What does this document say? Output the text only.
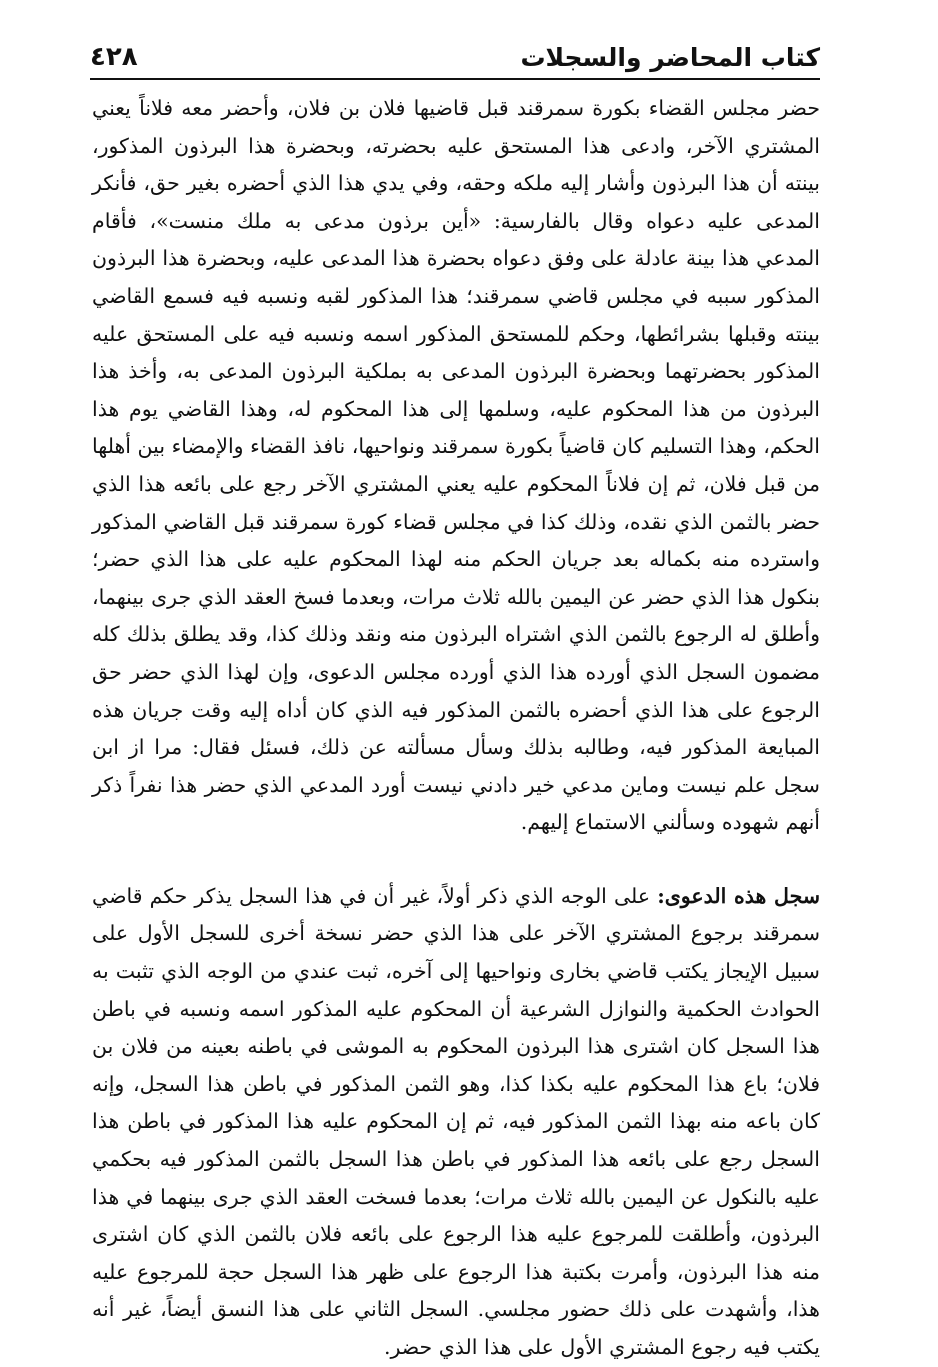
كتاب المحاضر والسجلات
٤٢٨

حضر مجلس القضاء بكورة سمرقند قبل قاضيها فلان بن فلان، وأحضر معه فلاناً يعني المشتري الآخر، وادعى هذا المستحق عليه بحضرته، وبحضرة هذا البرذون المذكور، بينته أن هذا البرذون وأشار إليه ملكه وحقه، وفي يدي هذا الذي أحضره بغير حق، فأنكر المدعى عليه دعواه وقال بالفارسية: «أين برذون مدعى به ملك منست»، فأقام المدعي هذا بينة عادلة على وفق دعواه بحضرة هذا المدعى عليه، وبحضرة هذا البرذون المذكور سببه في مجلس قاضي سمرقند؛ هذا المذكور لقبه ونسبه فيه فسمع القاضي بينته وقبلها بشرائطها، وحكم للمستحق المذكور اسمه ونسبه فيه على المستحق عليه المذكور بحضرتهما وبحضرة البرذون المدعى به بملكية البرذون المدعى به، وأخذ هذا البرذون من هذا المحكوم عليه، وسلمها إلى هذا المحكوم له، وهذا القاضي يوم هذا الحكم، وهذا التسليم كان قاضياً بكورة سمرقند ونواحيها، نافذ القضاء والإمضاء بين أهلها من قبل فلان، ثم إن فلاناً المحكوم عليه يعني المشتري الآخر رجع على بائعه هذا الذي حضر بالثمن الذي نقده، وذلك كذا في مجلس قضاء كورة سمرقند قبل القاضي المذكور واسترده منه بكماله بعد جريان الحكم منه لهذا المحكوم عليه على هذا الذي حضر؛ بنكول هذا الذي حضر عن اليمين بالله ثلاث مرات، وبعدما فسخ العقد الذي جرى بينهما، وأطلق له الرجوع بالثمن الذي اشتراه البرذون منه ونقد وذلك كذا، وقد يطلق بذلك كله مضمون السجل الذي أورده هذا الذي أورده مجلس الدعوى، وإن لهذا الذي حضر حق الرجوع على هذا الذي أحضره بالثمن المذكور فيه الذي كان أداه إليه وقت جريان هذه المبايعة المذكور فيه، وطالبه بذلك وسأل مسألته عن ذلك، فسئل فقال: مرا از ابن سجل علم نيست وماين مدعي خير دادني نيست أورد المدعي الذي حضر هذا نفراً ذكر أنهم شهوده وسألني الاستماع إليهم.

سجل هذه الدعوى: على الوجه الذي ذكر أولاً، غير أن في هذا السجل يذكر حكم قاضي سمرقند برجوع المشتري الآخر على هذا الذي حضر نسخة أخرى للسجل الأول على سبيل الإيجاز يكتب قاضي بخارى ونواحيها إلى آخره، ثبت عندي من الوجه الذي تثبت به الحوادث الحكمية والنوازل الشرعية أن المحكوم عليه المذكور اسمه ونسبه في باطن هذا السجل كان اشترى هذا البرذون المحكوم به الموشى في باطنه بعينه من فلان بن فلان؛ باع هذا المحكوم عليه بكذا كذا، وهو الثمن المذكور في باطن هذا السجل، وإنه كان باعه منه بهذا الثمن المذكور فيه، ثم إن المحكوم عليه هذا المذكور في باطن هذا السجل رجع على بائعه هذا المذكور في باطن هذا السجل بالثمن المذكور فيه بحكمي عليه بالنكول عن اليمين بالله ثلاث مرات؛ بعدما فسخت العقد الذي جرى بينهما في هذا البرذون، وأطلقت للمرجوع عليه هذا الرجوع على بائعه فلان بالثمن الذي كان اشترى منه هذا البرذون، وأمرت بكتبة هذا الرجوع على ظهر هذا السجل حجة للمرجوع عليه هذا، وأشهدت على ذلك حضور مجلسي. السجل الثاني على هذا النسق أيضاً، غير أنه يكتب فيه رجوع المشتري الأول على هذا الذي حضر.
